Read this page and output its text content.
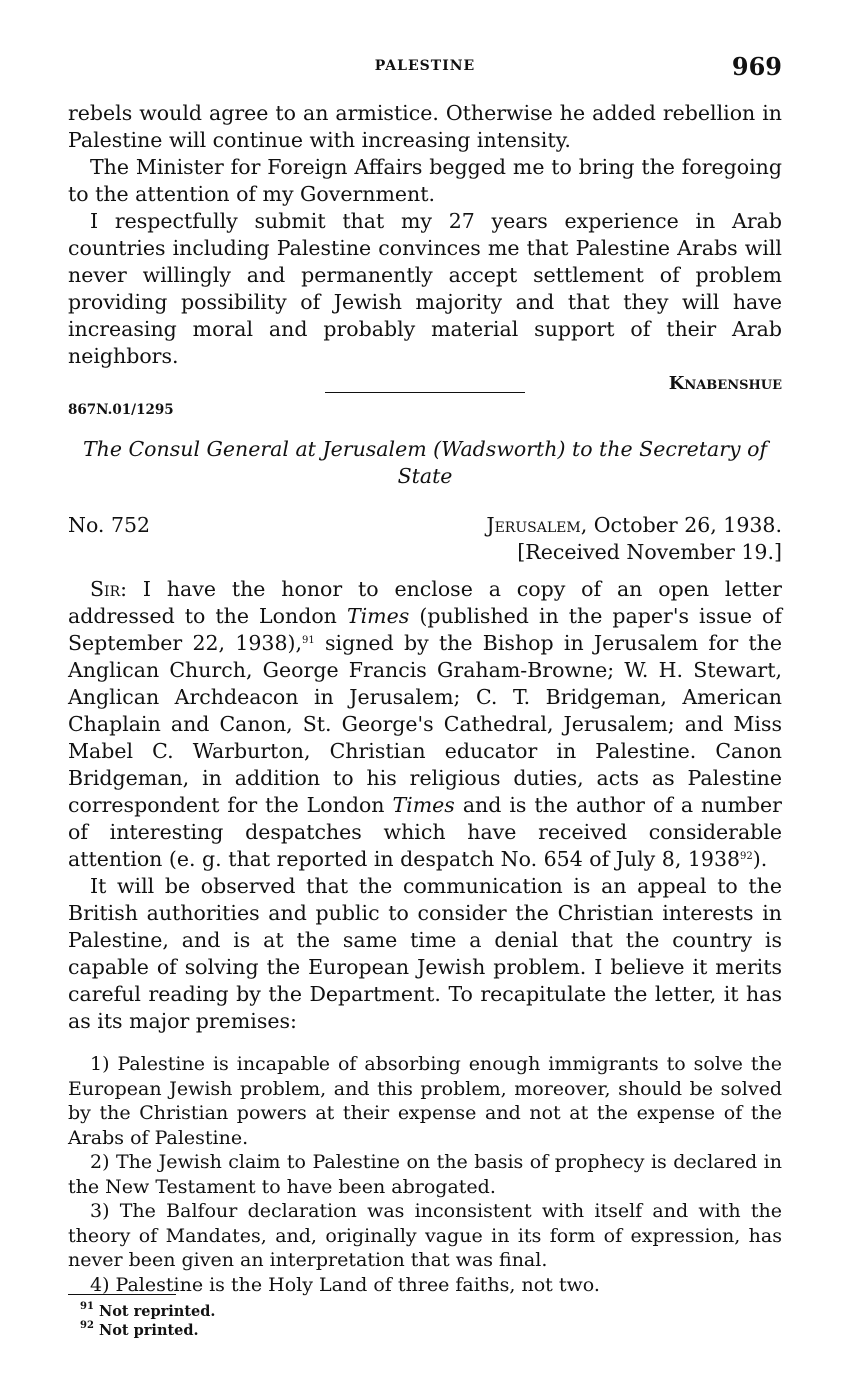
PALESTINE	969

rebels would agree to an armistice. Otherwise he added rebellion in Palestine will continue with increasing intensity.

The Minister for Foreign Affairs begged me to bring the foregoing to the attention of my Government.

I respectfully submit that my 27 years experience in Arab countries including Palestine convinces me that Palestine Arabs will never willingly and permanently accept settlement of problem providing possibility of Jewish majority and that they will have increasing moral and probably material support of their Arab neighbors.

Knabenshue

867N.01/1295
The Consul General at Jerusalem (Wadsworth) to the Secretary of State
No. 752	Jerusalem, October 26, 1938.
[Received November 19.]

Sir: I have the honor to enclose a copy of an open letter addressed to the London Times (published in the paper's issue of September 22, 1938),$^{91}$ signed by the Bishop in Jerusalem for the Anglican Church, George Francis Graham-Browne; W. H. Stewart, Anglican Archdeacon in Jerusalem; C. T. Bridgeman, American Chaplain and Canon, St. George's Cathedral, Jerusalem; and Miss Mabel C. Warburton, Christian educator in Palestine. Canon Bridgeman, in addition to his religious duties, acts as Palestine correspondent for the London Times and is the author of a number of interesting despatches which have received considerable attention (e. g. that reported in despatch No. 654 of July 8, 1938$^{92}$).

It will be observed that the communication is an appeal to the British authorities and public to consider the Christian interests in Palestine, and is at the same time a denial that the country is capable of solving the European Jewish problem. I believe it merits careful reading by the Department. To recapitulate the letter, it has as its major premises:

1) Palestine is incapable of absorbing enough immigrants to solve the European Jewish problem, and this problem, moreover, should be solved by the Christian powers at their expense and not at the expense of the Arabs of Palestine.

2) The Jewish claim to Palestine on the basis of prophecy is declared in the New Testament to have been abrogated.

3) The Balfour declaration was inconsistent with itself and with the theory of Mandates, and, originally vague in its form of expression, has never been given an interpretation that was final.

4) Palestine is the Holy Land of three faiths, not two.

$^{91}$ Not reprinted.
$^{92}$ Not printed.
